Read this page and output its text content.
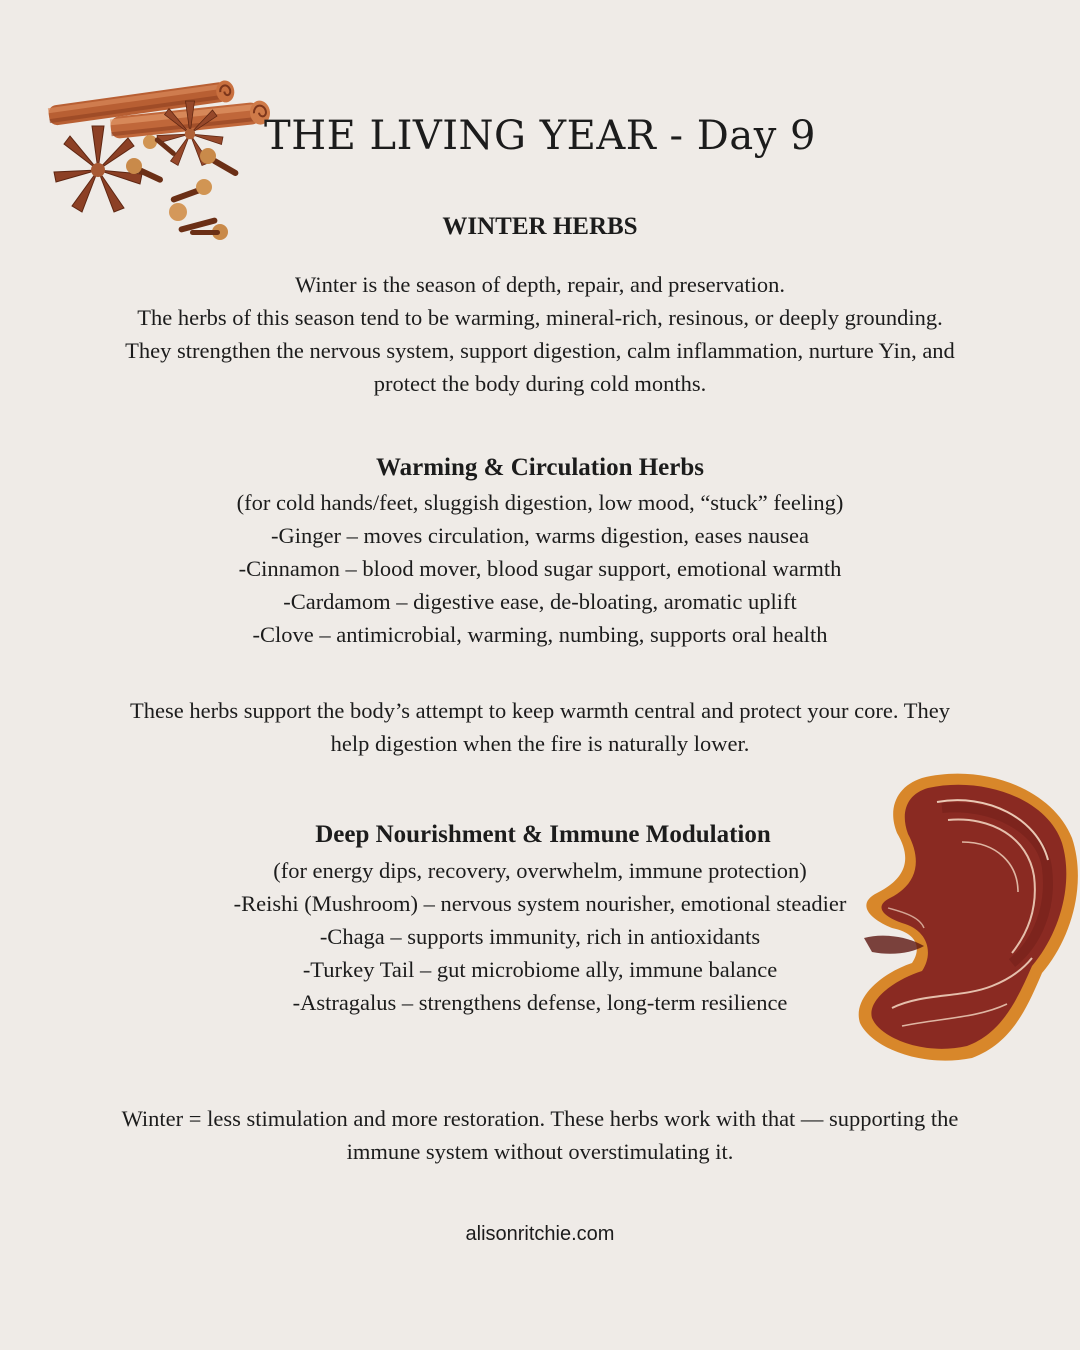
THE LIVING YEAR - Day 9
WINTER HERBS
Winter is the season of depth, repair, and preservation.
The herbs of this season tend to be warming, mineral-rich, resinous, or deeply grounding.
They strengthen the nervous system, support digestion, calm inflammation, nurture Yin, and
protect the body during cold months.
Warming & Circulation Herbs
(for cold hands/feet, sluggish digestion, low mood, “stuck” feeling)
-Ginger – moves circulation, warms digestion, eases nausea
-Cinnamon – blood mover, blood sugar support, emotional warmth
-Cardamom – digestive ease, de-bloating, aromatic uplift
-Clove – antimicrobial, warming, numbing, supports oral health
These herbs support the body’s attempt to keep warmth central and protect your core. They
help digestion when the fire is naturally lower.
Deep Nourishment & Immune Modulation
(for energy dips, recovery, overwhelm, immune protection)
-Reishi (Mushroom) – nervous system nourisher, emotional steadier
-Chaga – supports immunity, rich in antioxidants
-Turkey Tail – gut microbiome ally, immune balance
-Astragalus – strengthens defense, long-term resilience
Winter = less stimulation and more restoration. These herbs work with that — supporting the
immune system without overstimulating it.
alisonritchie.com
